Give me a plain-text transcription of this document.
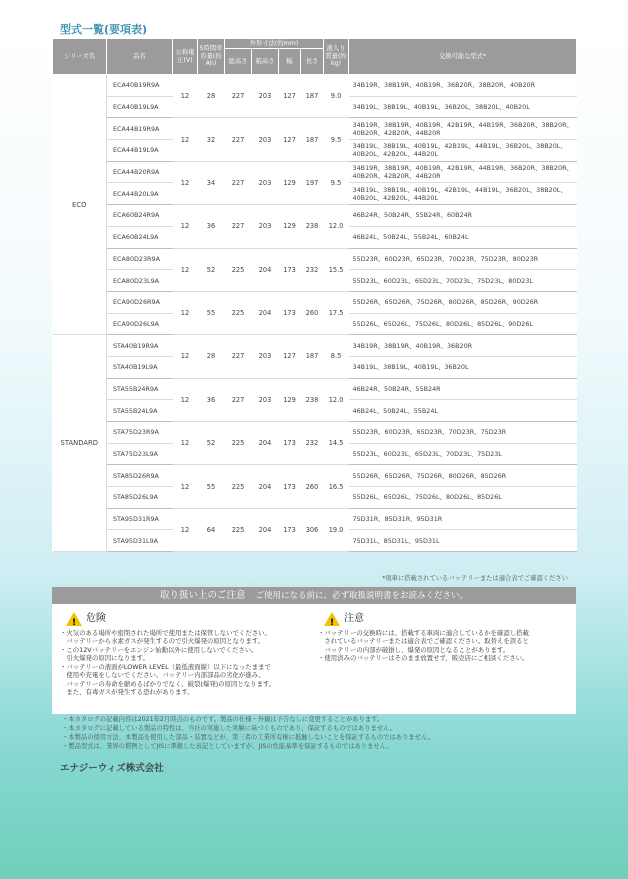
型式一覧(要項表)
シリーズ名	品名	公称電圧(V)	5時間率容量(約Ah)	外形寸法(約mm)				液入り質量(約kg)	交換可能な型式*
				総高さ	箱高さ	幅	長さ		
ECO	ECA40B19R9A	12	28	227	203	127	187	9.0	34B19R、38B19R、40B19R、36B20R、38B20R、40B20R
	ECA40B19L9A								34B19L、38B19L、40B19L、36B20L、38B20L、40B20L
	ECA44B19R9A	12	32	227	203	127	187	9.5	34B19R、38B19R、40B19R、42B19R、44B19R、36B20R、38B20R、40B20R、42B20R、44B20R
	ECA44B19L9A								34B19L、38B19L、40B19L、42B19L、44B19L、36B20L、38B20L、40B20L、42B20L、44B20L
	ECA44B20R9A	12	34	227	203	129	197	9.5	34B19R、38B19R、40B19R、42B19R、44B19R、36B20R、38B20R、40B20R、42B20R、44B20R
	ECA44B20L9A								34B19L、38B19L、40B19L、42B19L、44B19L、36B20L、38B20L、40B20L、42B20L、44B20L
	ECA60B24R9A	12	36	227	203	129	238	12.0	46B24R、50B24R、55B24R、60B24R
	ECA60B24L9A								46B24L、50B24L、55B24L、60B24L
	ECA80D23R9A	12	52	225	204	173	232	15.5	55D23R、60D23R、65D23R、70D23R、75D23R、80D23R
	ECA80D23L9A								55D23L、60D23L、65D23L、70D23L、75D23L、80D23L
	ECA90D26R9A	12	55	225	204	173	260	17.5	55D26R、65D26R、75D26R、80D26R、85D26R、90D26R
	ECA90D26L9A								55D26L、65D26L、75D26L、80D26L、85D26L、90D26L
STANDARD	STA40B19R9A	12	28	227	203	127	187	8.5	34B19R、38B19R、40B19R、36B20R
	STA40B19L9A								34B19L、38B19L、40B19L、36B20L
	STA55B24R9A	12	36	227	203	129	238	12.0	46B24R、50B24R、55B24R
	STA55B24L9A								46B24L、50B24L、55B24L
	STA75D23R9A	12	52	225	204	173	232	14.5	55D23R、60D23R、65D23R、70D23R、75D23R
	STA75D23L9A								55D23L、60D23L、65D23L、70D23L、75D23L
	STA85D26R9A	12	55	225	204	173	260	16.5	55D26R、65D26R、75D26R、80D26R、85D26R
	STA85D26L9A								55D26L、65D26L、75D26L、80D26L、85D26L
	STA95D31R9A	12	64	225	204	173	306	19.0	75D31R、85D31R、95D31R
	STA95D31L9A								75D31L、85D31L、95D31L
*現車に搭載されているバッテリーまたは適合表でご確認ください
取り扱い上のご注意 ご使用になる前に、必ず取扱説明書をお読みください。
! 危険
・火気のある場所や密閉された場所で使用または保管しないでください。
　バッテリーから水素ガスが発生するので引火爆発の原因となります。
・この12Vバッテリーをエンジン始動以外に使用しないでください。
　引火爆発の原因になります。
・バッテリーの液面がLOWER LEVEL（最低液面線）以下になったままで
　使用や充電をしないでください。バッテリー内部部品の劣化が進み、
　バッテリーの寿命を縮めるばかりでなく、破裂(爆発)の原因となります。
　また、有毒ガスが発生する恐れがあります。
! 注意
・バッテリーの交換時には、搭載する車両に適合しているかを確認し搭載
　されているバッテリーまたは適合表でご確認ください。取替えを誤ると
　バッテリーの内部が破損し、爆発の原因となることがあります。
・使用済みのバッテリーはそのまま放置せず、販売店にご相談ください。
・本カタログの記載内容は2021年2月時点のものです。製品の仕様・外観は予告なしに変更することがあります。
・本カタログに記載している製品の特性は、当社の実施した実験に基づくものであり、保証するものではありません。
・本製品の使用方法、本製品を使用した部品・装置などが、第三者の工業所有権に抵触しないことを保証するものではありません。
・製品型式は、業界の慣例としてJISに準拠した表記としていますが、JISの性能基準を保証するものではありません。
エナジーウィズ株式会社
